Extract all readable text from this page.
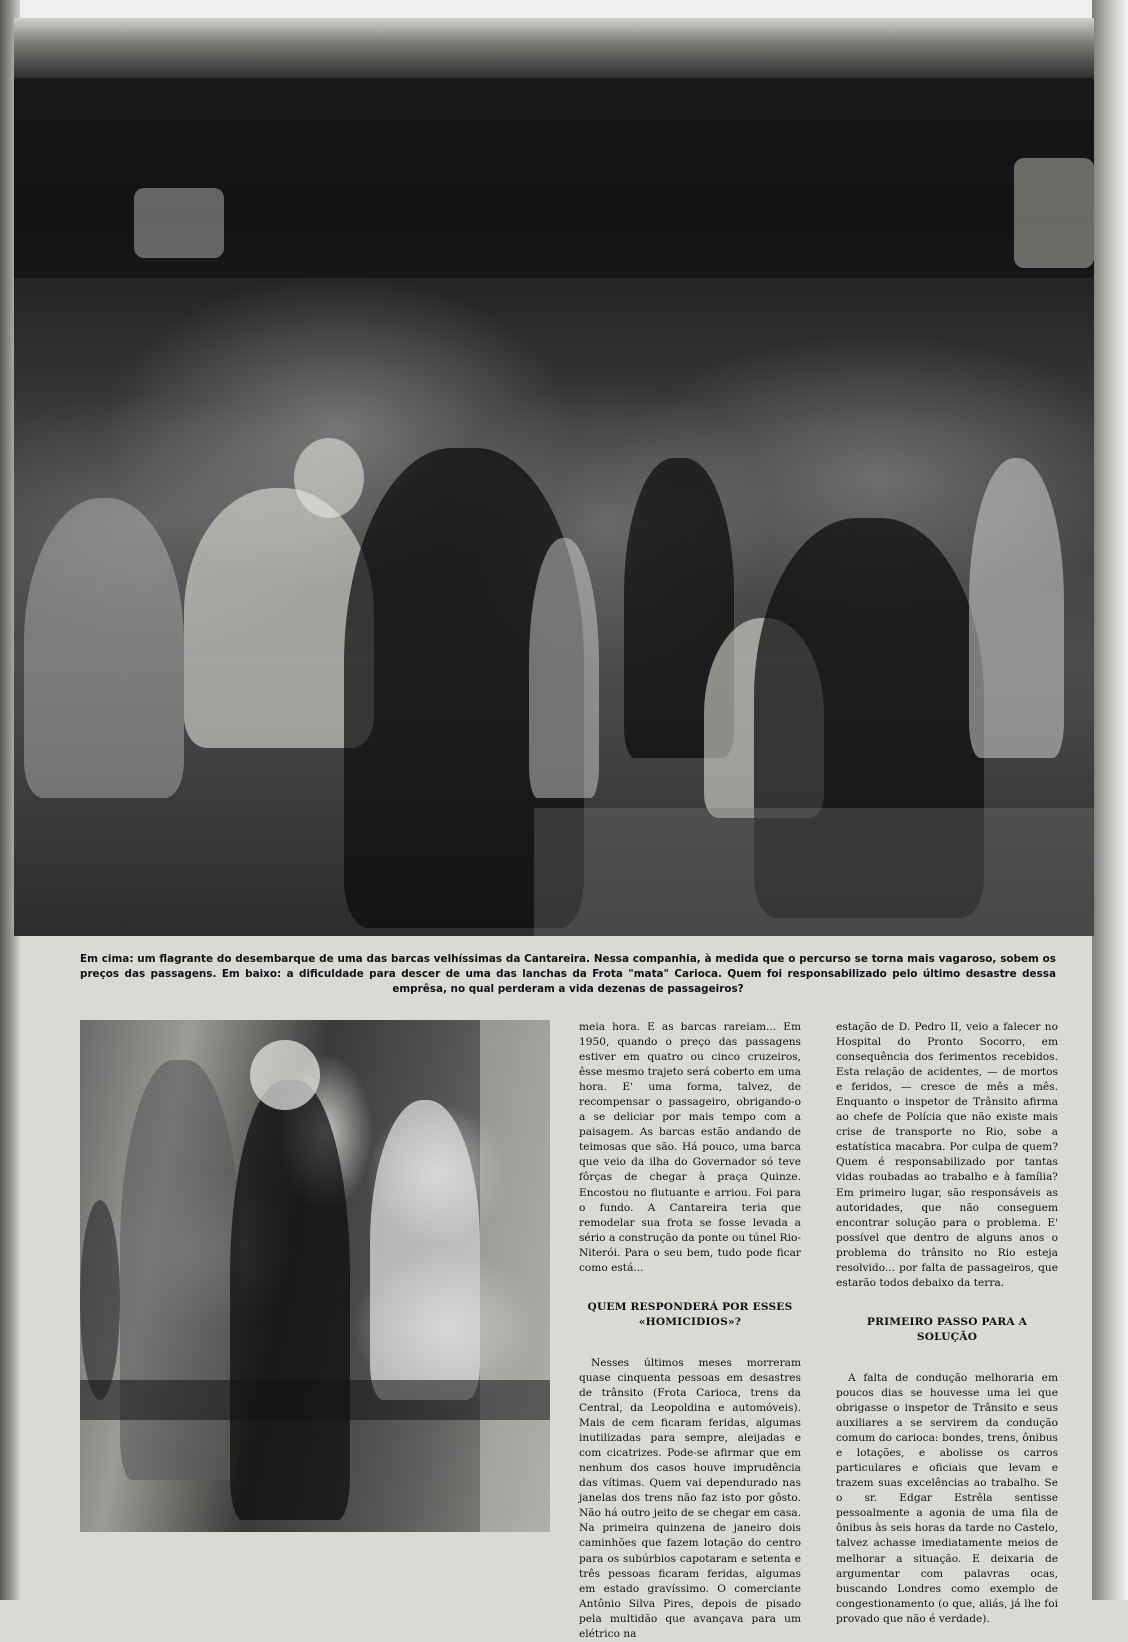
Em cima: um flagrante do desembarque de uma das barcas velhíssimas da Cantareira. Nessa companhia, à medida que o percurso se torna mais vagaroso, sobem os preços das passagens. Em baixo: a dificuldade para descer de uma das lanchas da Frota "mata" Carioca. Quem foi responsabilizado pelo último desastre dessa emprêsa, no qual perderam a vida dezenas de passageiros?

meia hora. E as barcas rareiam... Em 1950, quando o preço das passagens estiver em quatro ou cinco cruzeiros, êsse mesmo trajeto será coberto em uma hora. E' uma forma, talvez, de recompensar o passageiro, obrigando-o a se deliciar por mais tempo com a paisagem. As barcas estão andando de teimosas que são. Há pouco, uma barca que veio da ilha do Governador só teve fôrças de chegar à praça Quinze. Encostou no flutuante e arriou. Foi para o fundo. A Cantareira teria que remodelar sua frota se fosse levada a sério a construção da ponte ou túnel Rio-Niterói. Para o seu bem, tudo pode ficar como está...

QUEM RESPONDERÁ POR ESSES «HOMICIDIOS»?

Nesses últimos meses morreram quase cinquenta pessoas em desastres de trânsito (Frota Carioca, trens da Central, da Leopoldina e automóveis). Mais de cem ficaram feridas, algumas inutilizadas para sempre, aleijadas e com cicatrizes. Pode-se afirmar que em nenhum dos casos houve imprudência das vítimas. Quem vai dependurado nas janelas dos trens não faz isto por gôsto. Não há outro jeito de se chegar em casa. Na primeira quinzena de janeiro dois caminhões que fazem lotação do centro para os subúrbios capotaram e setenta e três pessoas ficaram feridas, algumas em estado gravíssimo. O comerciante Antônio Silva Pires, depois de pisado pela multidão que avançava para um elétrico na

estação de D. Pedro II, veio a falecer no Hospital do Pronto Socorro, em consequência dos ferimentos recebidos. Esta relação de acidentes, — de mortos e feridos, — cresce de mês a mês. Enquanto o inspetor de Trânsito afirma ao chefe de Polícia que não existe mais crise de transporte no Rio, sobe a estatística macabra. Por culpa de quem? Quem é responsabilizado por tantas vidas roubadas ao trabalho e à família? Em primeiro lugar, são responsáveis as autoridades, que não conseguem encontrar solução para o problema. E' possível que dentro de alguns anos o problema do trânsito no Rio esteja resolvido... por falta de passageiros, que estarão todos debaixo da terra.

PRIMEIRO PASSO PARA A SOLUÇÃO

A falta de condução melhoraria em poucos dias se houvesse uma lei que obrigasse o inspetor de Trânsito e seus auxiliares a se servirem da condução comum do carioca: bondes, trens, ônibus e lotações, e abolisse os carros particulares e oficiais que levam e trazem suas excelências ao trabalho. Se o sr. Edgar Estrêla sentisse pessoalmente a agonia de uma fila de ônibus às seis horas da tarde no Castelo, talvez achasse imediatamente meios de melhorar a situação. E deixaria de argumentar com palavras ocas, buscando Londres como exemplo de congestionamento (o que, aliás, já lhe foi provado que não é verdade).
